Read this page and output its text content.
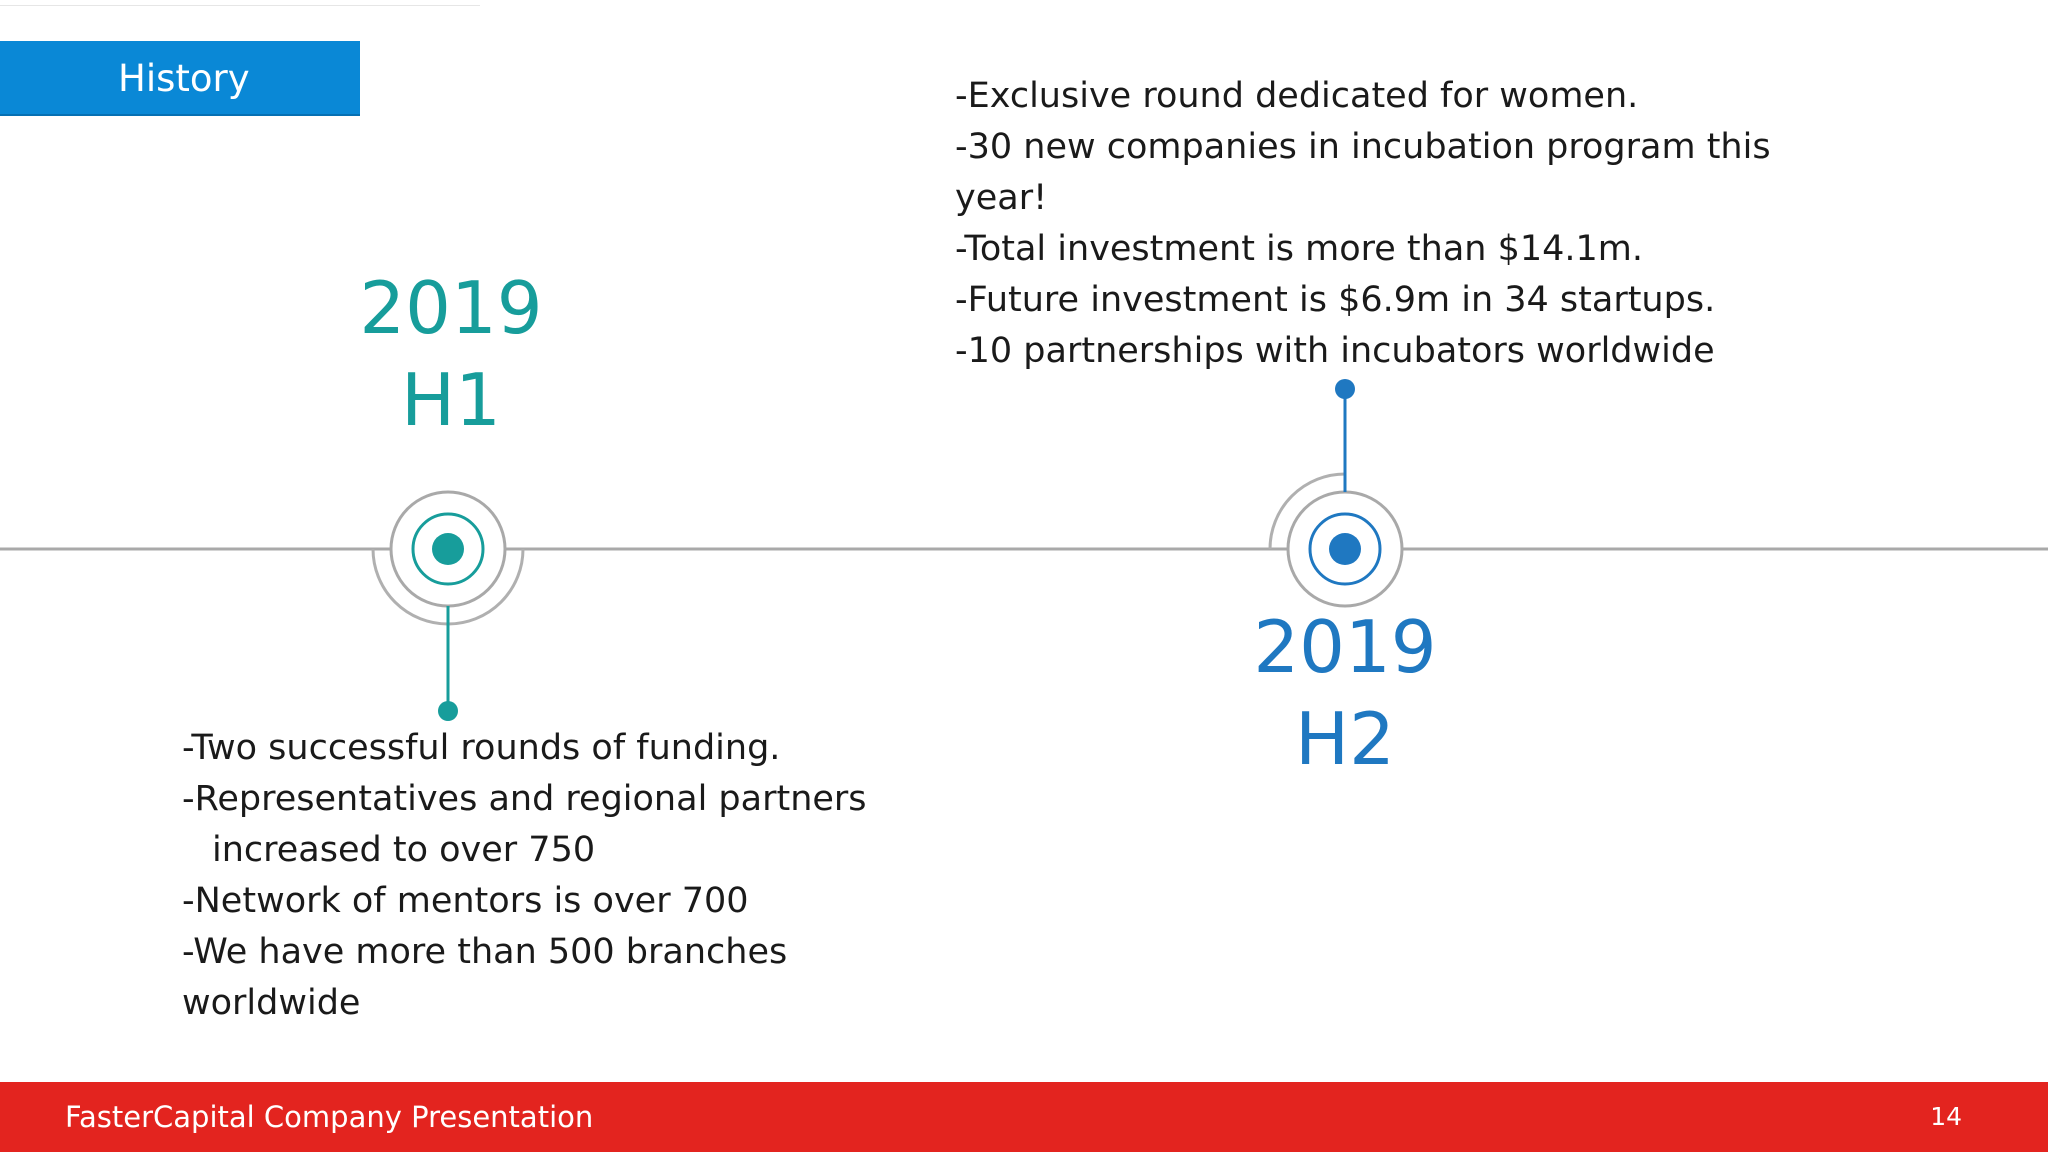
History
2019
H1
2019
H2
-Two successful rounds of funding.
-Representatives and regional partners
increased to over 750
-Network of mentors is over 700
-We have more than 500 branches
worldwide
-Exclusive round dedicated for women.
-30 new companies in incubation program this
year!
-Total investment is more than $14.1m.
-Future investment is $6.9m in 34 startups.
-10 partnerships with incubators worldwide
FasterCapital Company Presentation	14
